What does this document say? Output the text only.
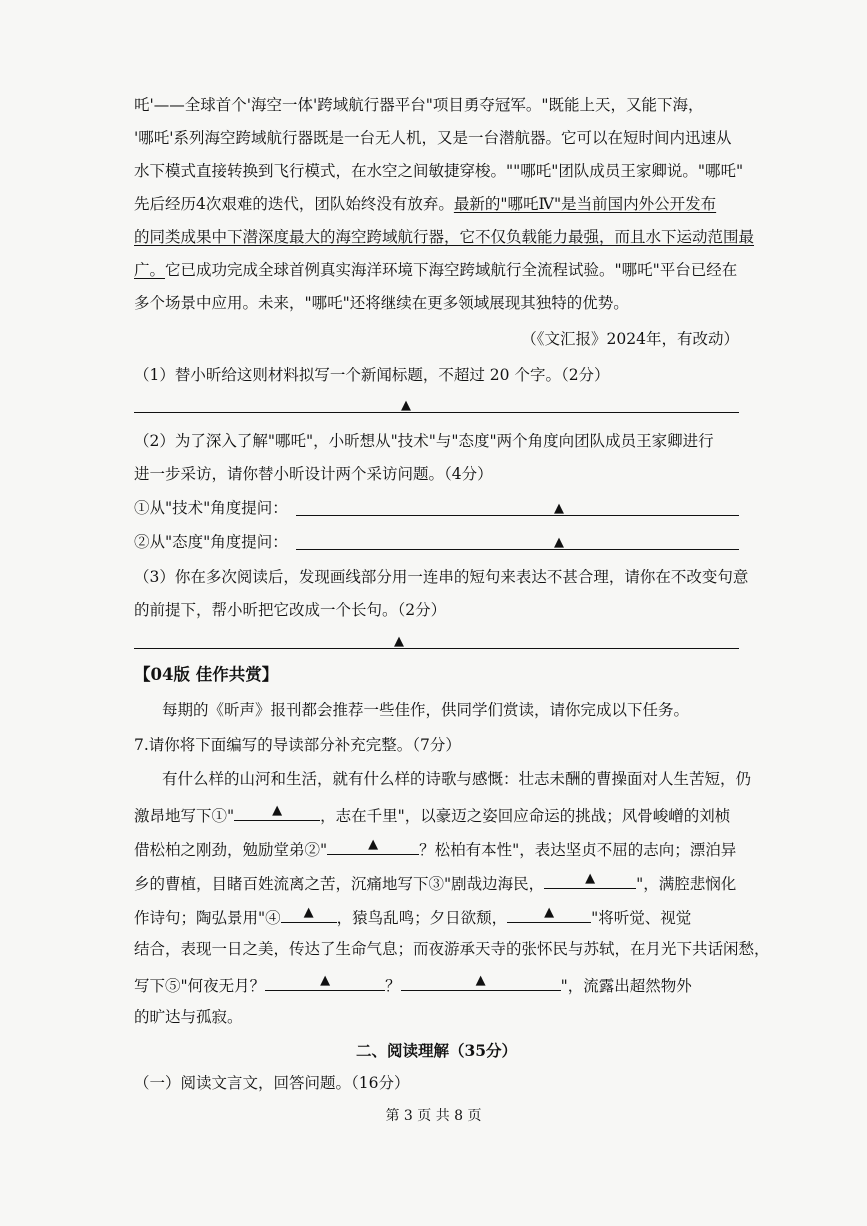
吒'——全球首个'海空一体'跨域航行器平台"项目勇夺冠军。"既能上天，又能下海，
'哪吒'系列海空跨域航行器既是一台无人机，又是一台潜航器。它可以在短时间内迅速从
水下模式直接转换到飞行模式，在水空之间敏捷穿梭。""哪吒"团队成员王家卿说。"哪吒"
先后经历4次艰难的迭代，团队始终没有放弃。最新的"哪吒Ⅳ"是当前国内外公开发布
的同类成果中下潜深度最大的海空跨域航行器，它不仅负载能力最强，而且水下运动范围最
广。它已成功完成全球首例真实海洋环境下海空跨域航行全流程试验。"哪吒"平台已经在
多个场景中应用。未来，"哪吒"还将继续在更多领域展现其独特的优势。
（《文汇报》2024年，有改动）
（1）替小昕给这则材料拟写一个新闻标题，不超过 20 个字。（2分）
▲
（2）为了深入了解"哪吒"，小昕想从"技术"与"态度"两个角度向团队成员王家卿进行
进一步采访，请你替小昕设计两个采访问题。（4分）
①从"技术"角度提问：	▲
②从"态度"角度提问：	▲
（3）你在多次阅读后，发现画线部分用一连串的短句来表达不甚合理，请你在不改变句意
的前提下，帮小昕把它改成一个长句。（2分）
▲
【04版 佳作共赏】
每期的《昕声》报刊都会推荐一些佳作，供同学们赏读，请你完成以下任务。
7.请你将下面编写的导读部分补充完整。（7分）
有什么样的山河和生活，就有什么样的诗歌与感慨：壮志未酬的曹操面对人生苦短，仍
激昂地写下①"	▲ ，志在千里"，以豪迈之姿回应命运的挑战；风骨峻嶒的刘桢
借松柏之刚劲，勉励堂弟②"	▲	？松柏有本性"，表达坚贞不屈的志向；漂泊异
乡的曹植，目睹百姓流离之苦，沉痛地写下③"剧哉边海民，	▲	"，满腔悲悯化
作诗句；陶弘景用"④ ▲ ，猿鸟乱鸣；夕日欲颓，	▲ "将听觉、视觉
结合，表现一日之美，传达了生命气息；而夜游承天寺的张怀民与苏轼，在月光下共话闲愁，
写下⑤"何夜无月？	▲	？	▲	"，流露出超然物外
的旷达与孤寂。
二、阅读理解（35分）
（一）阅读文言文，回答问题。（16分）
第 3 页 共 8 页
